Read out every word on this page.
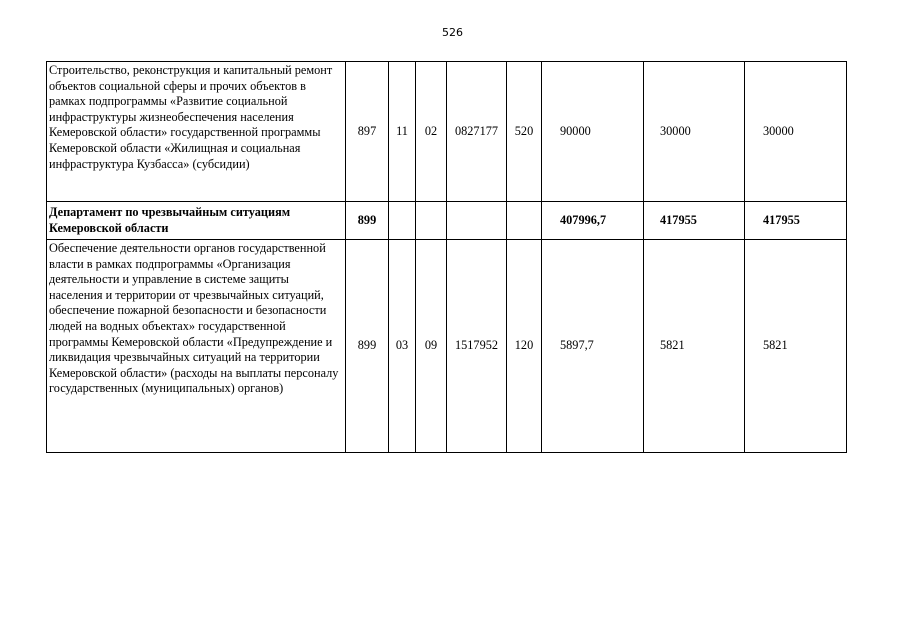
526
Строительство, реконструкция и капитальный ремонт объектов социальной сферы и прочих объектов в рамках подпрограммы «Развитие социальной инфраструктуры жизнеобеспечения населения Кемеровской области» государственной программы Кемеровской области «Жилищная и социальная инфраструктура Кузбасса» (субсидии)	897	11	02	0827177	520	90000	30000	30000
Департамент по чрезвычайным ситуациям Кемеровской области	899					407996,7	417955	417955
Обеспечение деятельности органов государственной власти в рамках подпрограммы «Организация деятельности и управление в системе защиты населения и территории от чрезвычайных ситуаций, обеспечение пожарной безопасности и безопасности людей на водных объектах» государственной программы Кемеровской области «Предупреждение и ликвидация чрезвычайных ситуаций на территории Кемеровской области» (расходы на выплаты персоналу государственных (муниципальных) органов)	899	03	09	1517952	120	5897,7	5821	5821
